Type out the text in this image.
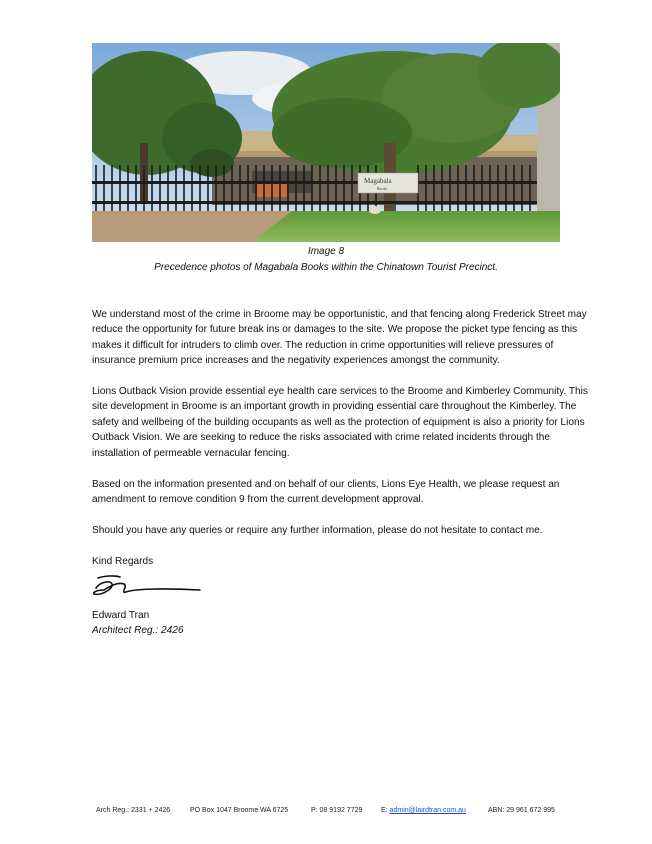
Magabala
Books
Image 8
Precedence photos of Magabala Books within the Chinatown Tourist Precinct.

We understand most of the crime in Broome may be opportunistic, and that fencing along Frederick Street may reduce the opportunity for future break ins or damages to the site. We propose the picket type fencing as this makes it difficult for intruders to climb over. The reduction in crime opportunities will relieve pressures of insurance premium price increases and the negativity experiences amongst the community.

Lions Outback Vision provide essential eye health care services to the Broome and Kimberley Community. This site development in Broome is an important growth in providing essential care throughout the Kimberley. The safety and wellbeing of the building occupants as well as the protection of equipment is also a priority for Lions Outback Vision. We are seeking to reduce the risks associated with crime related incidents through the installation of permeable vernacular fencing.

Based on the information presented and on behalf of our clients, Lions Eye Health, we please request an amendment to remove condition 9 from the current development approval.

Should you have any queries or require any further information, please do not hesitate to contact me.

Kind Regards
Edward Tran
Architect Reg.: 2426
Arch Reg.: 2331 + 2426	PO Box 1047 Broome WA 6725	P: 08 9192 7729	E: admin@lairdtran.com.au	ABN: 29 961 672 995
